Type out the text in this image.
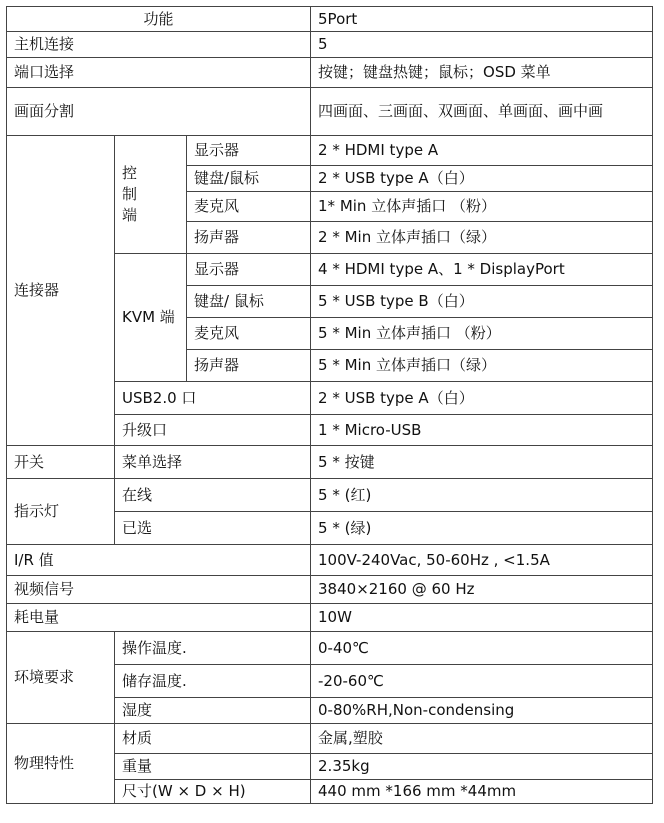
功能			5Port
主机连接			5
端口选择			按键；键盘热键；鼠标；OSD 菜单
画面分割			四画面、三画面、双画面、单画面、画中画
连接器	控 制 端	显示器	2 * HDMI type A
		键盘/鼠标	2 * USB type A（白）
		麦克风	1* Min 立体声插口 （粉）
		扬声器	2 * Min 立体声插口（绿）
	KVM 端	显示器	4 * HDMI type A、1 * DisplayPort
		键盘/ 鼠标	5 * USB type B（白）
		麦克风	5 * Min 立体声插口 （粉）
		扬声器	5 * Min 立体声插口（绿）
	USB2.0 口		2 * USB type A（白）
	升级口		1 * Micro-USB
开关	菜单选择		5 * 按键
指示灯	在线		5 * (红)
	已选		5 * (绿)
I/R 值			100V-240Vac, 50-60Hz , <1.5A
视频信号			3840×2160 @ 60 Hz
耗电量			10W
环境要求	操作温度.		0-40℃
	储存温度.		-20-60℃
	湿度		0-80%RH,Non-condensing
物理特性	材质		金属,塑胶
	重量		2.35kg
	尺寸(W × D × H)		440 mm *166 mm *44mm
